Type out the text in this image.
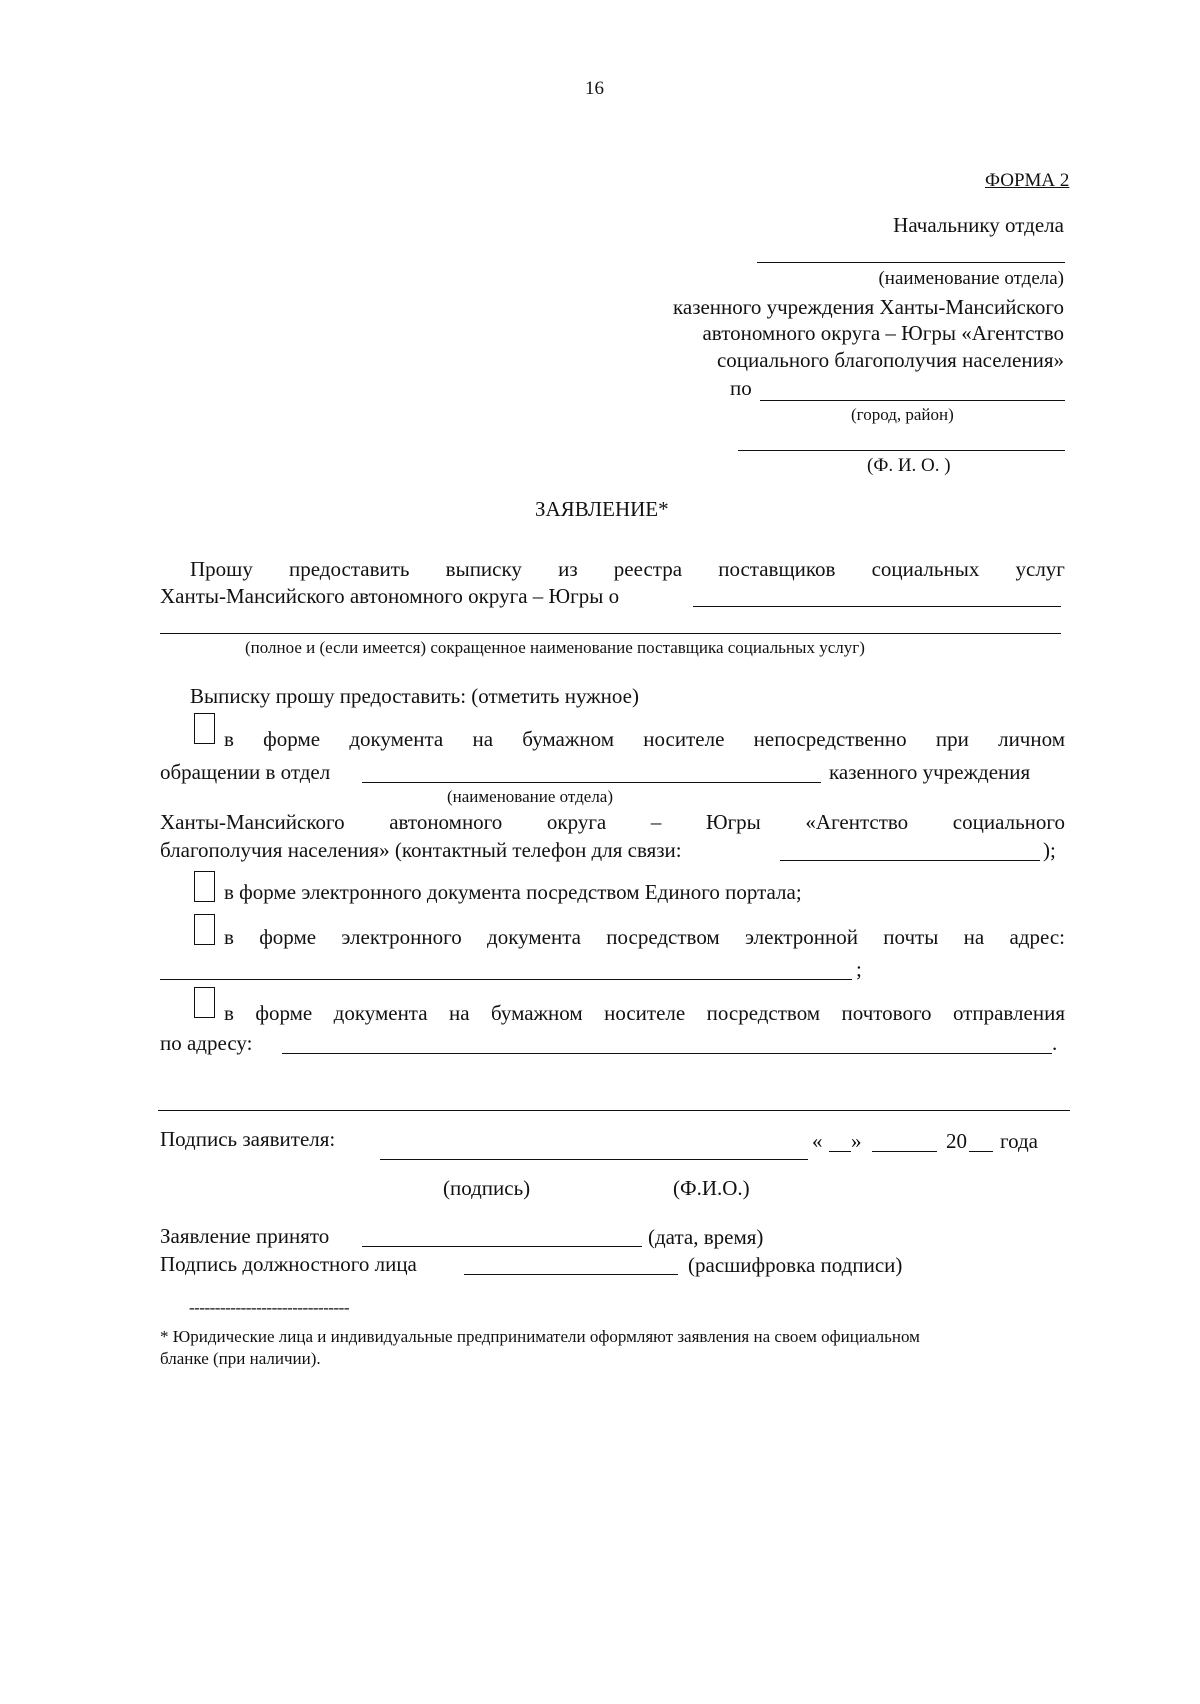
16
ФОРМА 2
Начальнику отдела
(наименование отдела)
казенного учреждения Ханты-Мансийского
автономного округа – Югры «Агентство
социального благополучия населения»
по
(город, район)
(Ф. И. О. )
ЗАЯВЛЕНИЕ*
Прошу предоставить выписку из реестра поставщиков социальных услуг
Ханты-Мансийского автономного округа – Югры о
(полное и (если имеется) сокращенное наименование поставщика социальных услуг)
Выписку прошу предоставить: (отметить нужное)
в форме документа на бумажном носителе непосредственно при личном
обращении в отдел	казенного учреждения
(наименование отдела)
Ханты-Мансийского автономного округа – Югры «Агентство социального
благополучия населения» (контактный телефон для связи:	);
в форме электронного документа посредством Единого портала;
в форме электронного документа посредством электронной почты на адрес:
;
в форме документа на бумажном носителе посредством почтового отправления
по адресу:	.
Подпись заявителя:	« »	20 года
(подпись)	(Ф.И.О.)
Заявление принято	(дата, время)
Подпись должностного лица	(расшифровка подписи)
-------------------------------
* Юридические лица и индивидуальные предприниматели оформляют заявления на своем официальном
бланке (при наличии).
